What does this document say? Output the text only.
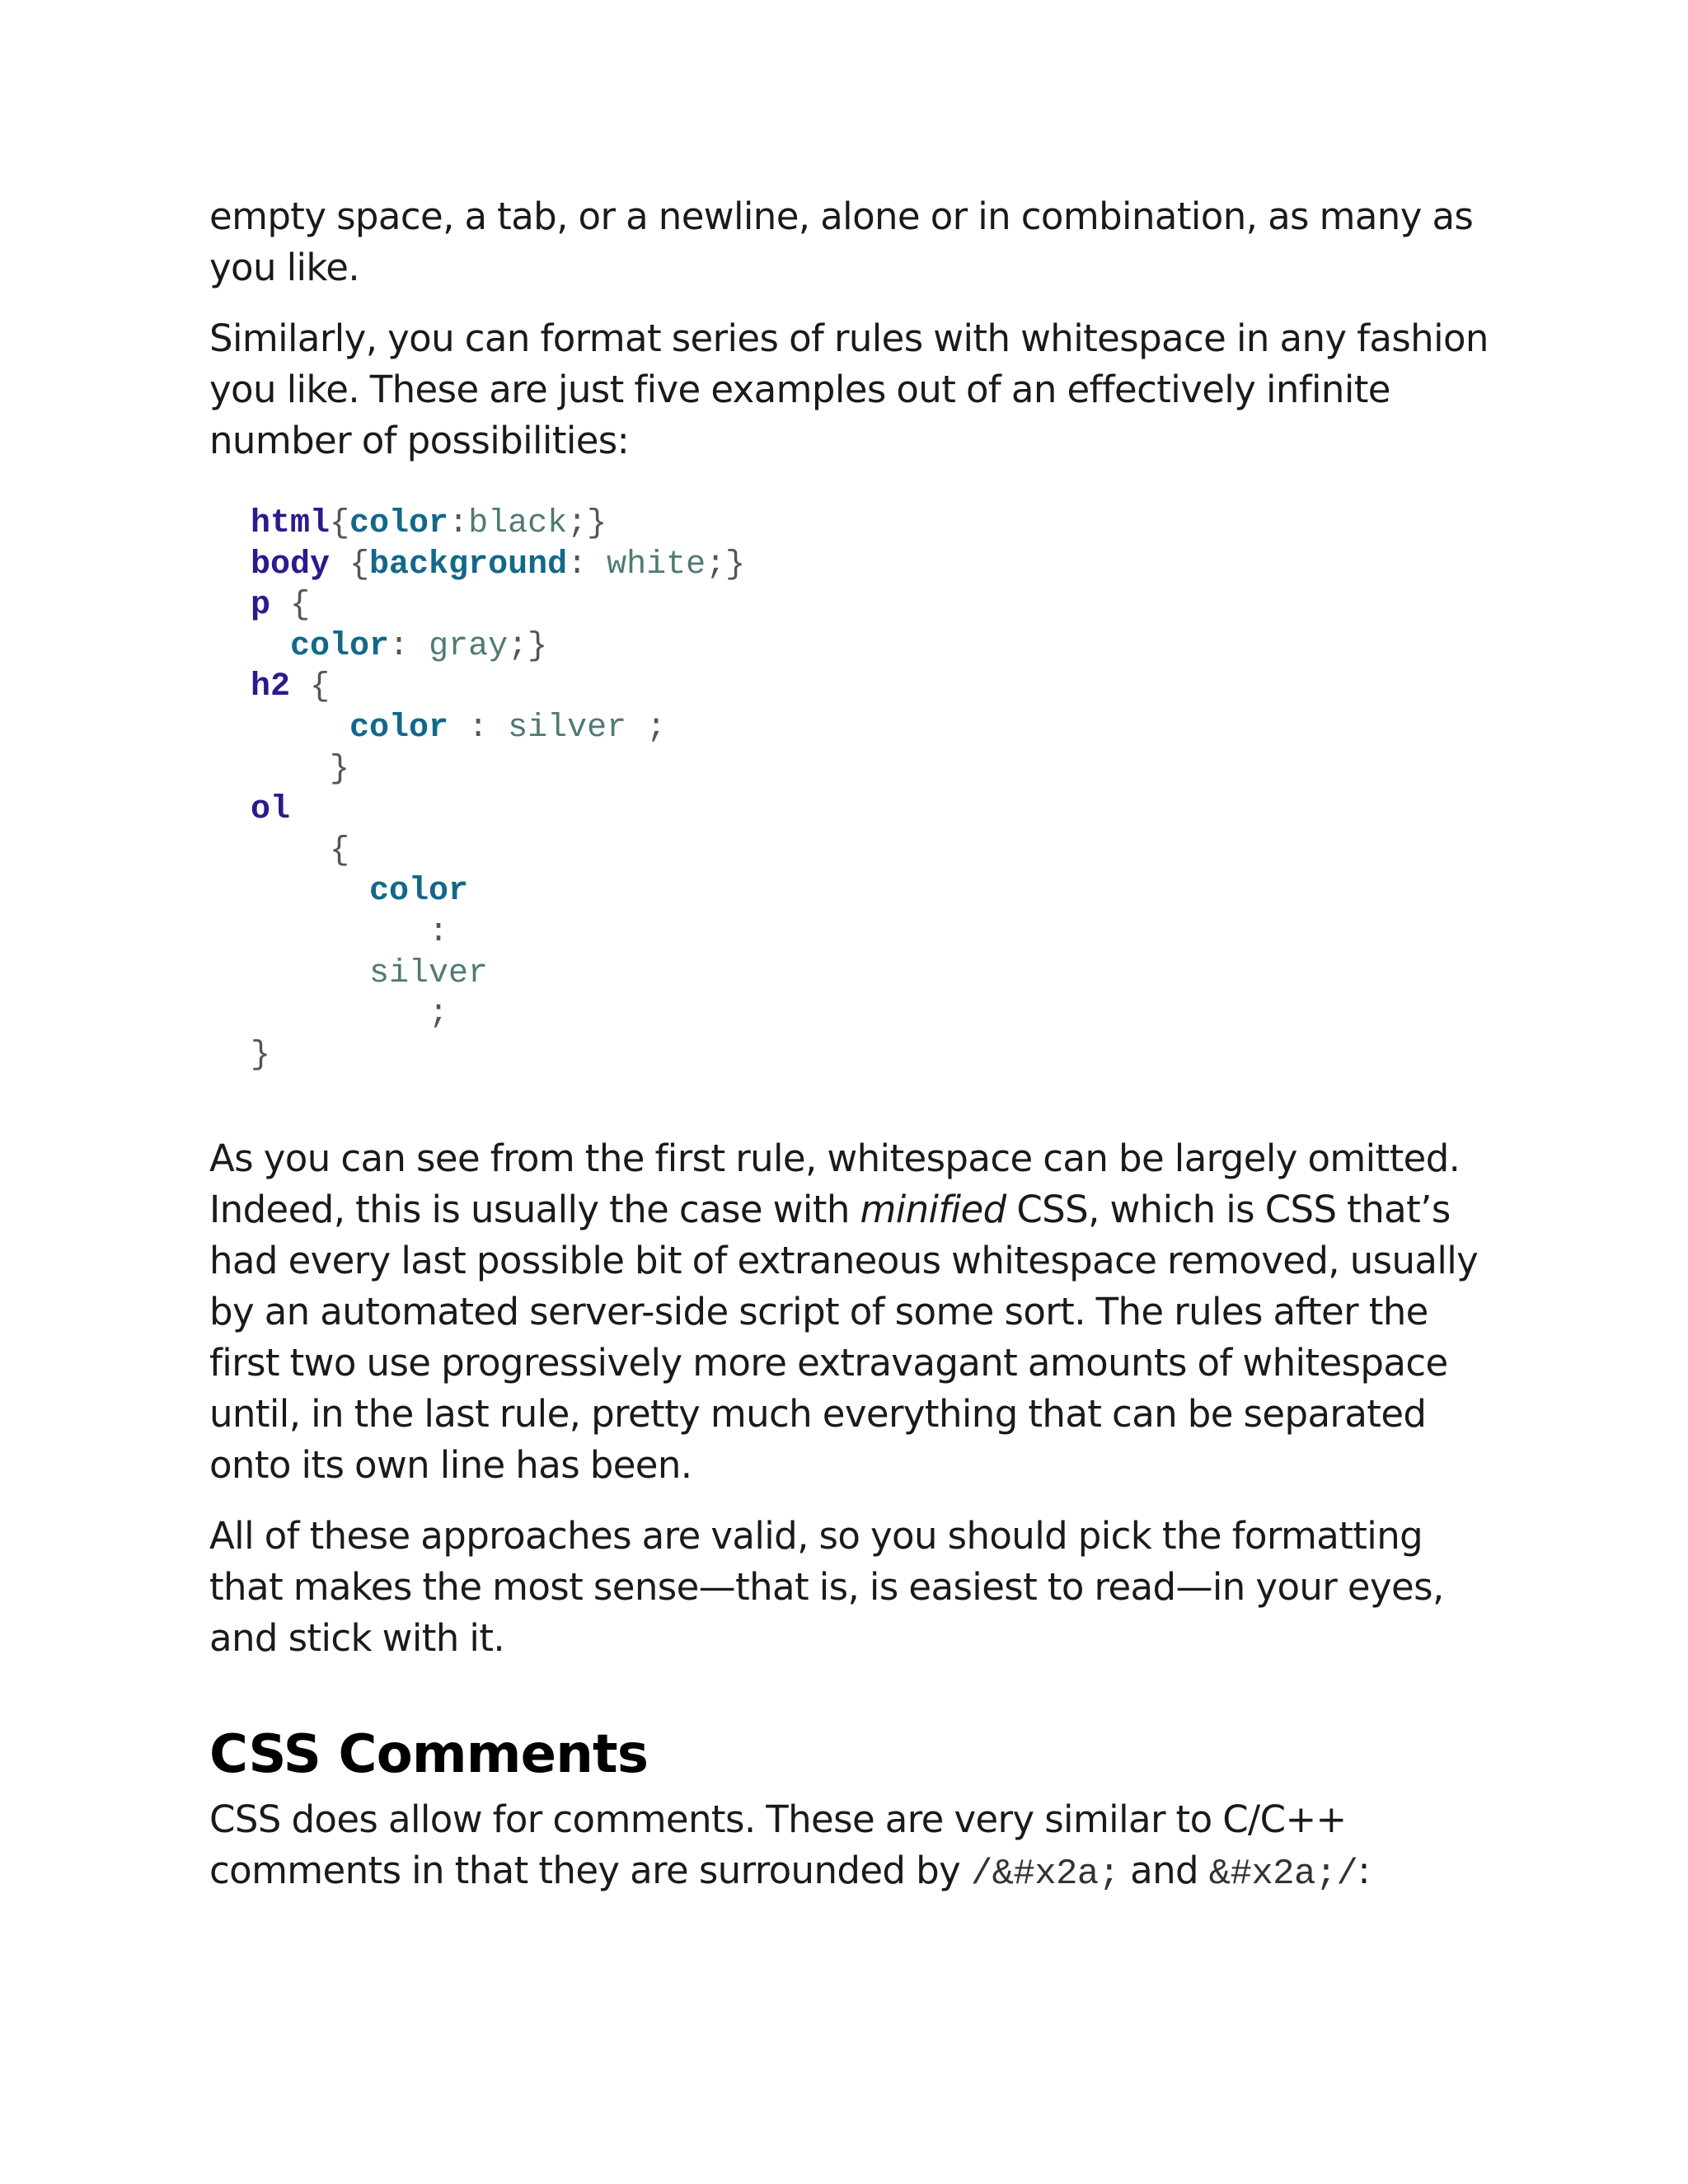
empty space, a tab, or a newline, alone or in combination, as many as you like.

Similarly, you can format series of rules with whitespace in any fashion you like. These are just five examples out of an effectively infinite number of possibilities:

html{color:black;}
body {background: white;}
p {
color: gray;}
h2 {
color : silver ;
}
ol
{
color
:
silver
;
}

As you can see from the first rule, whitespace can be largely omitted. Indeed, this is usually the case with minified CSS, which is CSS that’s had every last possible bit of extraneous whitespace removed, usually by an automated server-side script of some sort. The rules after the first two use progressively more extravagant amounts of whitespace until, in the last rule, pretty much everything that can be separated onto its own line has been.

All of these approaches are valid, so you should pick the formatting that makes the most sense—that is, is easiest to read—in your eyes, and stick with it.

CSS Comments

CSS does allow for comments. These are very similar to C/C++ comments in that they are surrounded by /&#x2a; and &#x2a;/:
